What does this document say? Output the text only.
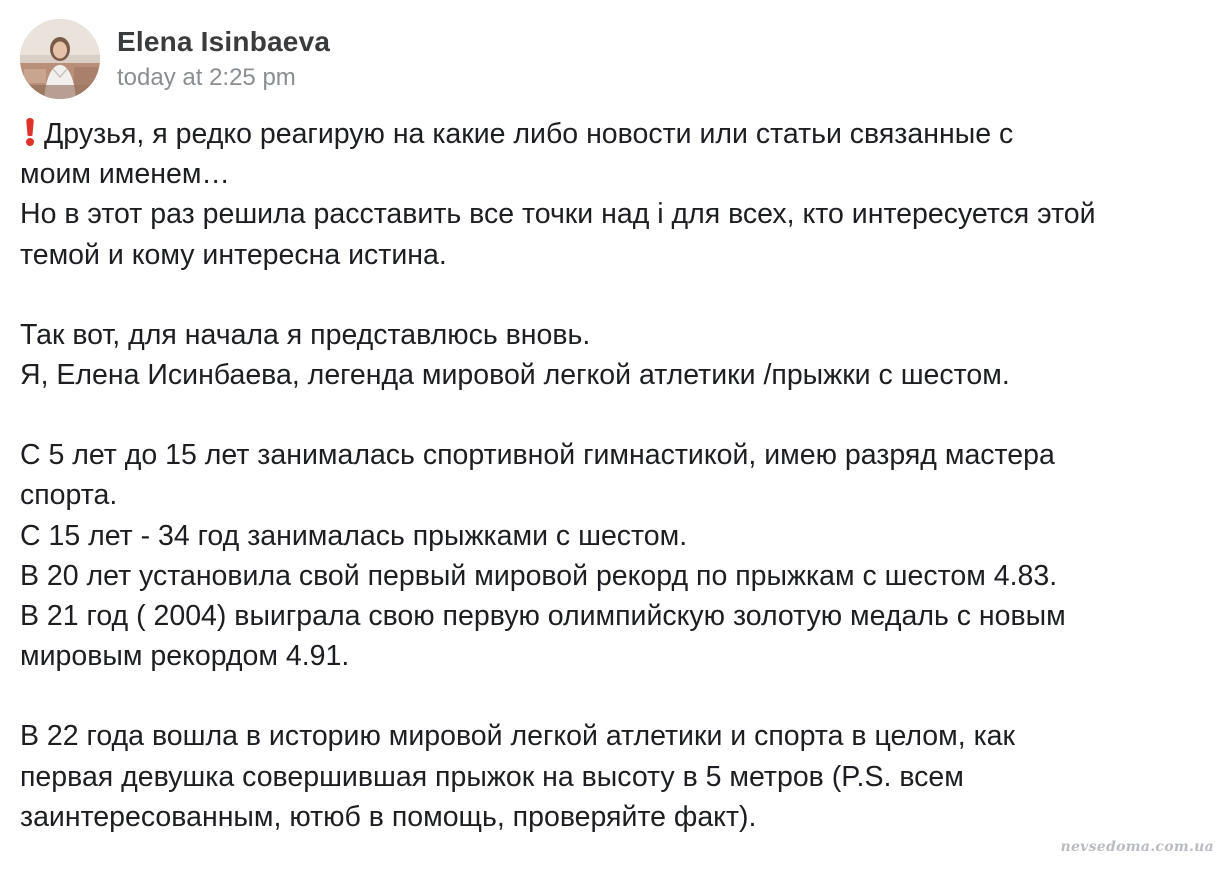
Elena Isinbaeva
today at 2:25 pm
Друзья, я редко реагирую на какие либо новости или статьи связанные с
моим именем…
Но в этот раз решила расставить все точки над і для всех, кто интересуется этой
темой и кому интересна истина.
Так вот, для начала я представлюсь вновь.
Я, Елена Исинбаева, легенда мировой легкой атлетики /прыжки с шестом.
С 5 лет до 15 лет занималась спортивной гимнастикой, имею разряд мастера
спорта.
С 15 лет - 34 год занималась прыжками с шестом.
В 20 лет установила свой первый мировой рекорд по прыжкам с шестом 4.83.
В 21 год ( 2004) выиграла свою первую олимпийскую золотую медаль с новым
мировым рекордом 4.91.
В 22 года вошла в историю мировой легкой атлетики и спорта в целом, как
первая девушка совершившая прыжок на высоту в 5 метров (P.S. всем
заинтересованным, ютюб в помощь, проверяйте факт).
nevsedoma.com.ua
